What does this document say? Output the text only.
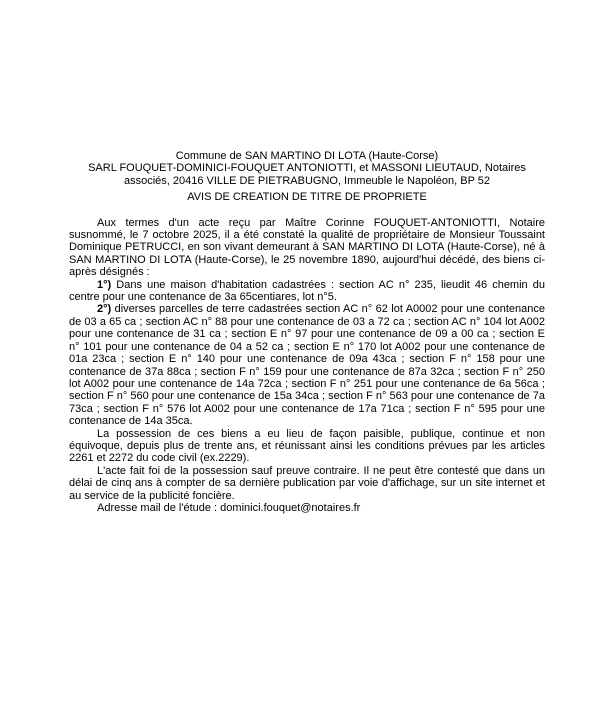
Commune de SAN MARTINO DI LOTA (Haute-Corse)
SARL FOUQUET-DOMINICI-FOUQUET ANTONIOTTI, et MASSONI LIEUTAUD, Notaires
associés, 20416 VILLE DE PIETRABUGNO, Immeuble le Napoléon, BP 52
AVIS DE CREATION DE TITRE DE PROPRIETE

Aux termes d'un acte reçu par Maître Corinne FOUQUET-ANTONIOTTI, Notaire susnommé, le 7 octobre 2025, il a été constaté la qualité de propriétaire de Monsieur Toussaint Dominique PETRUCCI, en son vivant demeurant à SAN MARTINO DI LOTA (Haute-Corse), né à SAN MARTINO DI LOTA (Haute-Corse), le 25 novembre 1890, aujourd'hui décédé, des biens ci-après désignés :

1°) Dans une maison d'habitation cadastrées : section AC n° 235, lieudit 46 chemin du centre pour une contenance de 3a 65centiares, lot n°5.

2°) diverses parcelles de terre cadastrées section AC n° 62 lot A0002 pour une contenance de 03 a 65 ca ; section AC n° 88 pour une contenance de 03 a 72 ca ; section AC n° 104 lot A002 pour une contenance de 31 ca ; section E n° 97 pour une contenance de 09 a 00 ca ; section E n° 101 pour une contenance de 04 a 52 ca ; section E n° 170 lot A002 pour une contenance de 01a 23ca ; section E n° 140 pour une contenance de 09a 43ca ; section F n° 158 pour une contenance de 37a 88ca ; section F n° 159 pour une contenance de 87a 32ca ; section F n° 250 lot A002 pour une contenance de 14a 72ca ; section F n° 251 pour une contenance de 6a 56ca ; section F n° 560 pour une contenance de 15a 34ca ; section F n° 563 pour une contenance de 7a 73ca ; section F n° 576 lot A002 pour une contenance de 17a 71ca ; section F n° 595 pour une contenance de 14a 35ca.

La possession de ces biens a eu lieu de façon paisible, publique, continue et non équivoque, depuis plus de trente ans, et réunissant ainsi les conditions prévues par les articles 2261 et 2272 du code civil (ex.2229).

L'acte fait foi de la possession sauf preuve contraire. Il ne peut être contesté que dans un délai de cinq ans à compter de sa dernière publication par voie d'affichage, sur un site internet et au service de la publicité foncière.

Adresse mail de l'étude : dominici.fouquet@notaires.fr
